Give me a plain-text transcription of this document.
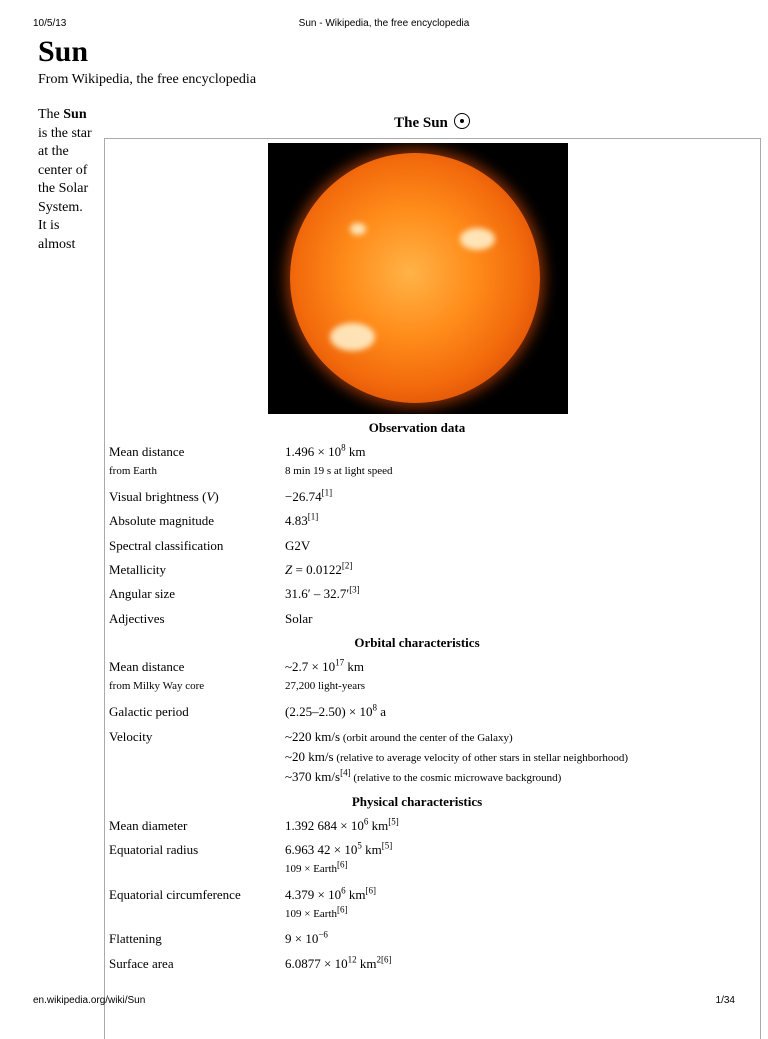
10/5/13	Sun - Wikipedia, the free encyclopedia
Sun
From Wikipedia, the free encyclopedia
The Sun is the star at the center of the Solar System. It is almost
The Sun
Observation data
Mean distance	$1.496 \times 10^8$ km
from Earth	8 min 19 s at light speed
Visual brightness (V)	−26.74[1]
Absolute magnitude	4.83[1]
Spectral classification	G2V
Metallicity	Z = 0.0122[2]
Angular size	31.6′ – 32.7′[3]
Adjectives	Solar
Orbital characteristics
Mean distance	~2.7 × $10^{17}$ km
from Milky Way core	27,200 light-years
Galactic period	$(2.25-2.50) \times 10^8$ a
Velocity	~220 km/s (orbit around the center of the Galaxy)
~20 km/s (relative to average velocity of other stars in stellar neighborhood)
~370 km/s[4] (relative to the cosmic microwave background)
Physical characteristics
Mean diameter	1.392 $684 \times 10^6$ km[5]
Equatorial radius	6.963 $42 \times 10^5$ km[5]
109 × Earth[6]
Equatorial circumference	$4.379 \times 10^6$ km[6]
109 × Earth[6]
Flattening	$9 \times 10^{-6}$
Surface area	$6.0877 \times 10^{12}$ $km^{2[6]}$
en.wikipedia.org/wiki/Sun	1/34
